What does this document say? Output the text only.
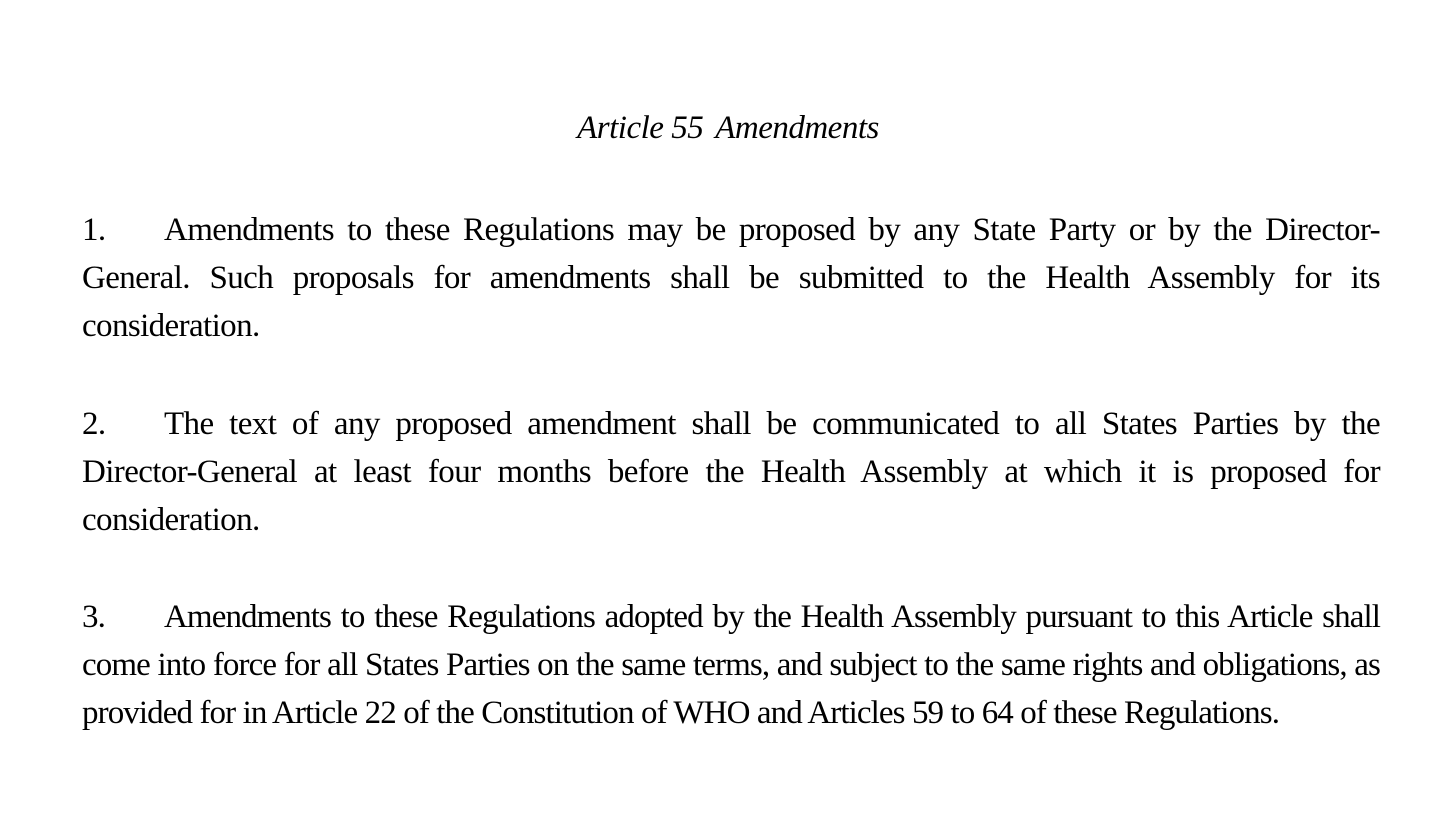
Article 55 Amendments

1. Amendments to these Regulations may be proposed by any State Party or by the Director-General. Such proposals for amendments shall be submitted to the Health Assembly for its consideration.

2. The text of any proposed amendment shall be communicated to all States Parties by the Director-General at least four months before the Health Assembly at which it is proposed for consideration.

3. Amendments to these Regulations adopted by the Health Assembly pursuant to this Article shall come into force for all States Parties on the same terms, and subject to the same rights and obligations, as provided for in Article 22 of the Constitution of WHO and Articles 59 to 64 of these Regulations.
